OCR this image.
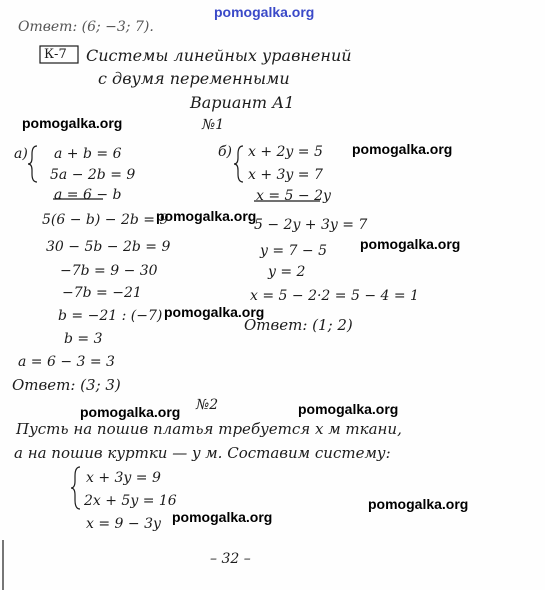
pomogalka.org
Ответ: (6; −3; 7).
К-7 Системы линейных уравнений
с двумя переменными
Вариант А1
pomogalka.org	№1
а) a + b = 6
5a − 2b = 9
a = 6 − b
5(6 − b) − 2b = 9
30 − 5b − 2b = 9
−7b = 9 − 30
−7b = −21
b = −21 : (−7)
b = 3
a = 6 − 3 = 3
Ответ: (3; 3)
б) x + 2y = 5
x + 3y = 7
x = 5 − 2y
5 − 2y + 3y = 7
y = 7 − 5
y = 2
x = 5 − 2·2 = 5 − 4 = 1
Ответ: (1; 2)
pomogalka.org
pomogalka.org
pomogalka.org
pomogalka.org
pomogalka.org	pomogalka.org
№2
Пусть на пошив платья требуется x м ткани,
а на пошив куртки — y м. Составим систему:
x + 3y = 9
2x + 5y = 16
x = 9 − 3y
pomogalka.org
pomogalka.org
– 32 –
